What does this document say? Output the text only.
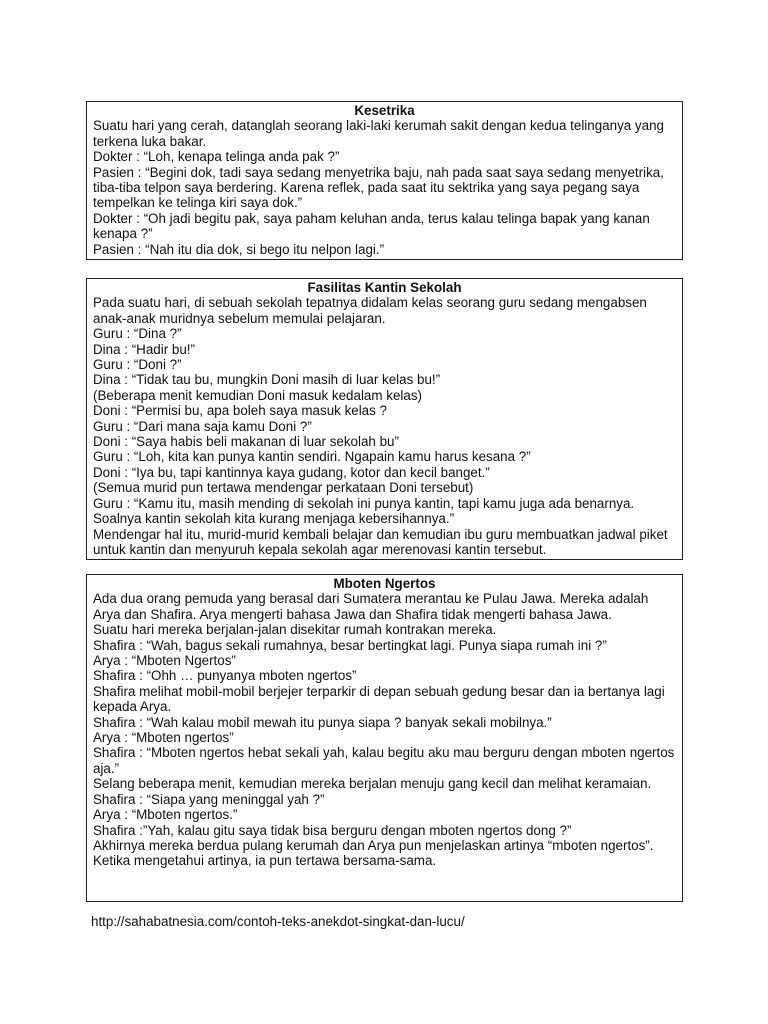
Kesetrika
Suatu hari yang cerah, datanglah seorang laki-laki kerumah sakit dengan kedua telinganya yang terkena luka bakar.
Dokter : “Loh, kenapa telinga anda pak ?”
Pasien : “Begini dok, tadi saya sedang menyetrika baju, nah pada saat saya sedang menyetrika, tiba-tiba telpon saya berdering. Karena reflek, pada saat itu sektrika yang saya pegang saya tempelkan ke telinga kiri saya dok.”
Dokter : “Oh jadi begitu pak, saya paham keluhan anda, terus kalau telinga bapak yang kanan kenapa ?”
Pasien : “Nah itu dia dok, si bego itu nelpon lagi.”
Fasilitas Kantin Sekolah
Pada suatu hari, di sebuah sekolah tepatnya didalam kelas seorang guru sedang mengabsen anak-anak muridnya sebelum memulai pelajaran.
Guru : “Dina ?”
Dina : “Hadir bu!”
Guru : “Doni ?”
Dina : “Tidak tau bu, mungkin Doni masih di luar kelas bu!”
(Beberapa menit kemudian Doni masuk kedalam kelas)
Doni : “Permisi bu, apa boleh saya masuk kelas ?
Guru : “Dari mana saja kamu Doni ?”
Doni : “Saya habis beli makanan di luar sekolah bu”
Guru : “Loh, kita kan punya kantin sendiri. Ngapain kamu harus kesana ?”
Doni : “Iya bu, tapi kantinnya kaya gudang, kotor dan kecil banget.”
(Semua murid pun tertawa mendengar perkataan Doni tersebut)
Guru : “Kamu itu, masih mending di sekolah ini punya kantin, tapi kamu juga ada benarnya. Soalnya kantin sekolah kita kurang menjaga kebersihannya.”
Mendengar hal itu, murid-murid kembali belajar dan kemudian ibu guru membuatkan jadwal piket untuk kantin dan menyuruh kepala sekolah agar merenovasi kantin tersebut.
Mboten Ngertos
Ada dua orang pemuda yang berasal dari Sumatera merantau ke Pulau Jawa. Mereka adalah Arya dan Shafira. Arya mengerti bahasa Jawa dan Shafira tidak mengerti bahasa Jawa.
Suatu hari mereka berjalan-jalan disekitar rumah kontrakan mereka.
Shafira : “Wah, bagus sekali rumahnya, besar bertingkat lagi. Punya siapa rumah ini ?”
Arya : “Mboten Ngertos”
Shafira : “Ohh … punyanya mboten ngertos”
Shafira melihat mobil-mobil berjejer terparkir di depan sebuah gedung besar dan ia bertanya lagi kepada Arya.
Shafira : “Wah kalau mobil mewah itu punya siapa ? banyak sekali mobilnya.”
Arya : “Mboten ngertos”
Shafira : “Mboten ngertos hebat sekali yah, kalau begitu aku mau berguru dengan mboten ngertos aja.”
Selang beberapa menit, kemudian mereka berjalan menuju gang kecil dan melihat keramaian.
Shafira : “Siapa yang meninggal yah ?”
Arya : “Mboten ngertos.”
Shafira :”Yah, kalau gitu saya tidak bisa berguru dengan mboten ngertos dong ?”
Akhirnya mereka berdua pulang kerumah dan Arya pun menjelaskan artinya “mboten ngertos”. Ketika mengetahui artinya, ia pun tertawa bersama-sama.
http://sahabatnesia.com/contoh-teks-anekdot-singkat-dan-lucu/
